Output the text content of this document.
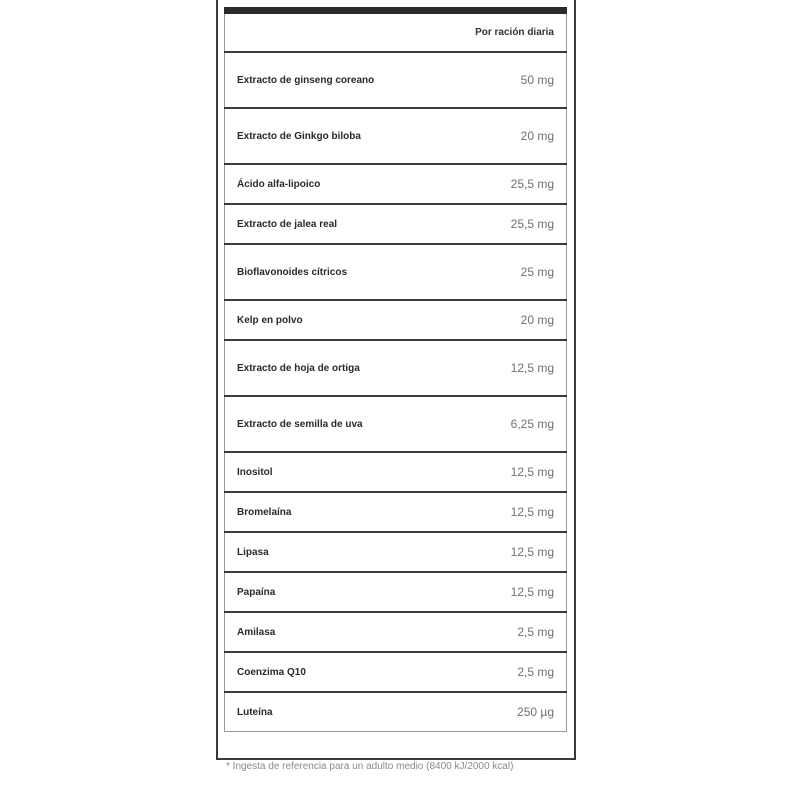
	Por ración diaria
Extracto de ginseng coreano	50 mg
Extracto de Ginkgo biloba	20 mg
Ácido alfa-lipoico	25,5 mg
Extracto de jalea real	25,5 mg
Bioflavonoides cítricos	25 mg
Kelp en polvo	20 mg
Extracto de hoja de ortiga	12,5 mg
Extracto de semilla de uva	6,25 mg
Inositol	12,5 mg
Bromelaína	12,5 mg
Lipasa	12,5 mg
Papaína	12,5 mg
Amilasa	2,5 mg
Coenzima Q10	2,5 mg
Luteína	250 µg
* Ingesta de referencia para un adulto medio (8400 kJ/2000 kcal)
